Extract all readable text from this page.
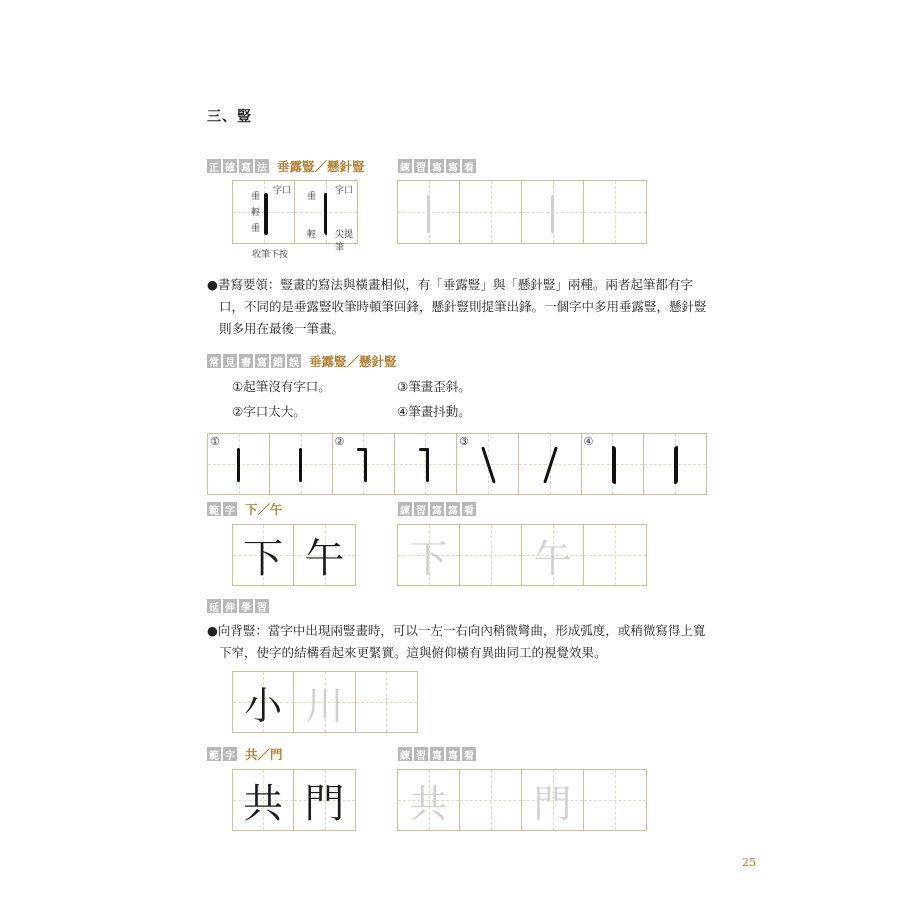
三、豎
正 確 寫 法 垂露豎／懸針豎
重
輕
重
字口
重
輕
字口
尖提筆
收筆下按
練 習 寫 寫 看
●書寫要領：豎畫的寫法與橫畫相似，有「垂露豎」與「懸針豎」兩種。兩者起筆都有字
口，不同的是垂露豎收筆時頓筆回鋒，懸針豎則提筆出鋒。一個字中多用垂露豎，懸針豎
則多用在最後一筆畫。
常 見 書 寫 錯 誤 垂露豎／懸針豎
①起筆沒有字口。	③筆畫歪斜。
②字口太大。	④筆畫抖動。
①	②	③	④
範 字 下／午
下 午
練 習 寫 寫 看
下	午
延 伸 學 習
●向背豎：當字中出現兩豎畫時，可以一左一右向內稍微彎曲，形成弧度，或稍微寫得上寬
下窄，使字的結構看起來更緊實。這與俯仰橫有異曲同工的視覺效果。
小 川
範 字 共／門
共 門
練 習 寫 寫 看
共	門
25
